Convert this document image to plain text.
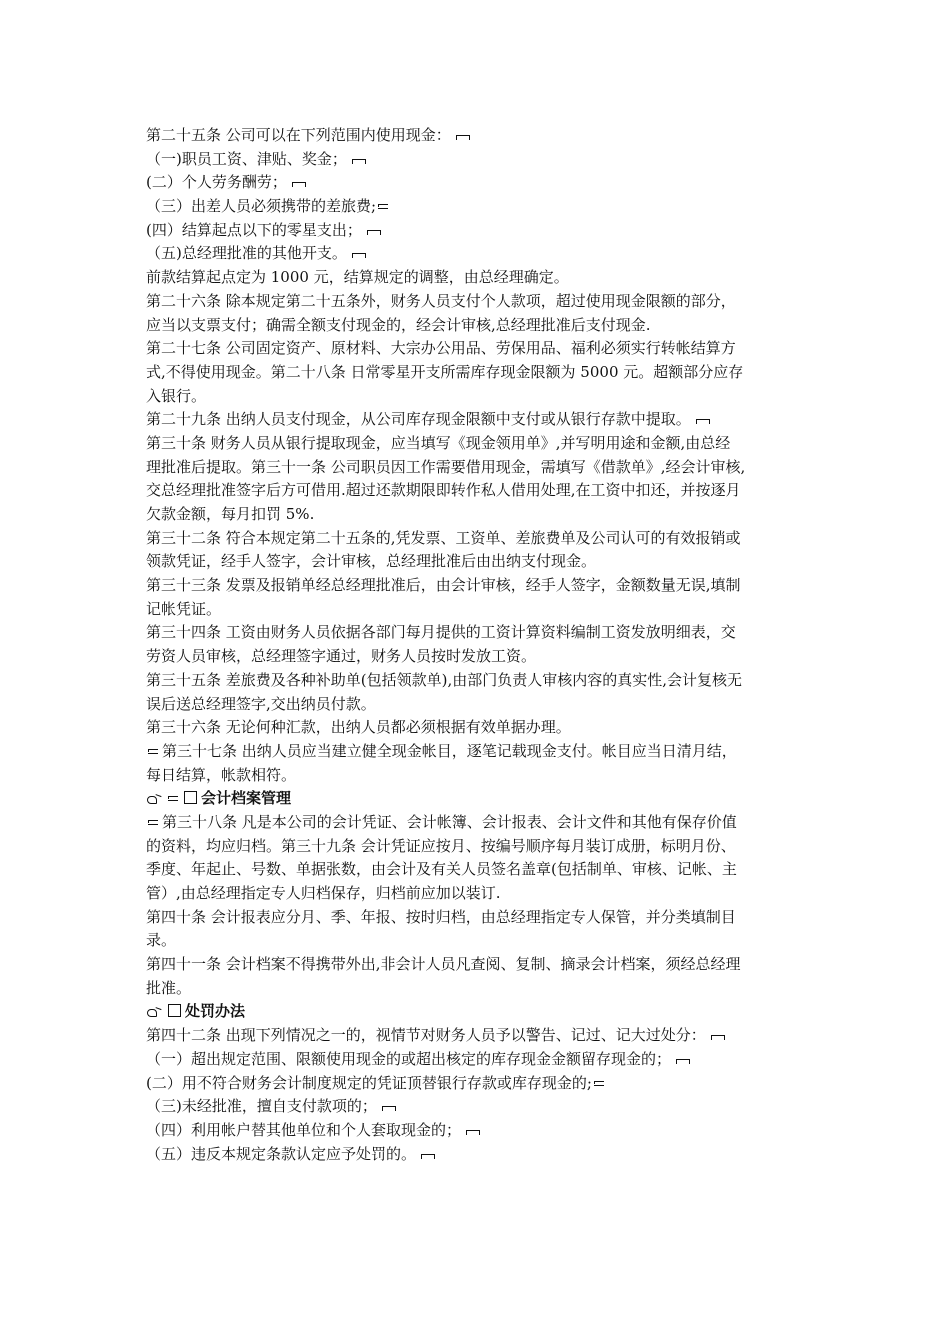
第二十五条 公司可以在下列范围内使用现金：
（一)职员工资、津贴、奖金；
(二）个人劳务酬劳；
（三）出差人员必须携带的差旅费;
(四）结算起点以下的零星支出；
（五)总经理批准的其他开支。
前款结算起点定为 1000 元，结算规定的调整，由总经理确定。
第二十六条 除本规定第二十五条外，财务人员支付个人款项，超过使用现金限额的部分，
应当以支票支付；确需全额支付现金的，经会计审核,总经理批准后支付现金.
第二十七条 公司固定资产、原材料、大宗办公用品、劳保用品、福利必须实行转帐结算方
式,不得使用现金。第二十八条 日常零星开支所需库存现金限额为 5000 元。超额部分应存
入银行。
第二十九条 出纳人员支付现金，从公司库存现金限额中支付或从银行存款中提取。
第三十条 财务人员从银行提取现金，应当填写《现金领用单》,并写明用途和金额,由总经
理批准后提取。第三十一条 公司职员因工作需要借用现金，需填写《借款单》,经会计审核,
交总经理批准签字后方可借用.超过还款期限即转作私人借用处理,在工资中扣还，并按逐月
欠款金额，每月扣罚 5%.
第三十二条 符合本规定第二十五条的,凭发票、工资单、差旅费单及公司认可的有效报销或
领款凭证，经手人签字，会计审核，总经理批准后由出纳支付现金。
第三十三条 发票及报销单经总经理批准后，由会计审核，经手人签字，金额数量无误,填制
记帐凭证。
第三十四条 工资由财务人员依据各部门每月提供的工资计算资料编制工资发放明细表，交
劳资人员审核，总经理签字通过，财务人员按时发放工资。
第三十五条 差旅费及各种补助单(包括领款单),由部门负责人审核内容的真实性,会计复核无
误后送总经理签字,交出纳员付款。
第三十六条 无论何种汇款，出纳人员都必须根据有效单据办理。
第三十七条 出纳人员应当建立健全现金帐目，逐笔记载现金支付。帐目应当日清月结，
每日结算，帐款相符。
会计档案管理
第三十八条 凡是本公司的会计凭证、会计帐簿、会计报表、会计文件和其他有保存价值
的资料，均应归档。第三十九条 会计凭证应按月、按编号顺序每月装订成册，标明月份、
季度、年起止、号数、单据张数，由会计及有关人员签名盖章(包括制单、审核、记帐、主
管）,由总经理指定专人归档保存，归档前应加以装订.
第四十条 会计报表应分月、季、年报、按时归档，由总经理指定专人保管，并分类填制目
录。
第四十一条 会计档案不得携带外出,非会计人员凡查阅、复制、摘录会计档案，须经总经理
批准。
处罚办法
第四十二条 出现下列情况之一的，视情节对财务人员予以警告、记过、记大过处分：
（一）超出规定范围、限额使用现金的或超出核定的库存现金金额留存现金的；
(二）用不符合财务会计制度规定的凭证顶替银行存款或库存现金的;
（三)未经批准，擅自支付款项的；
（四）利用帐户替其他单位和个人套取现金的；
（五）违反本规定条款认定应予处罚的。
